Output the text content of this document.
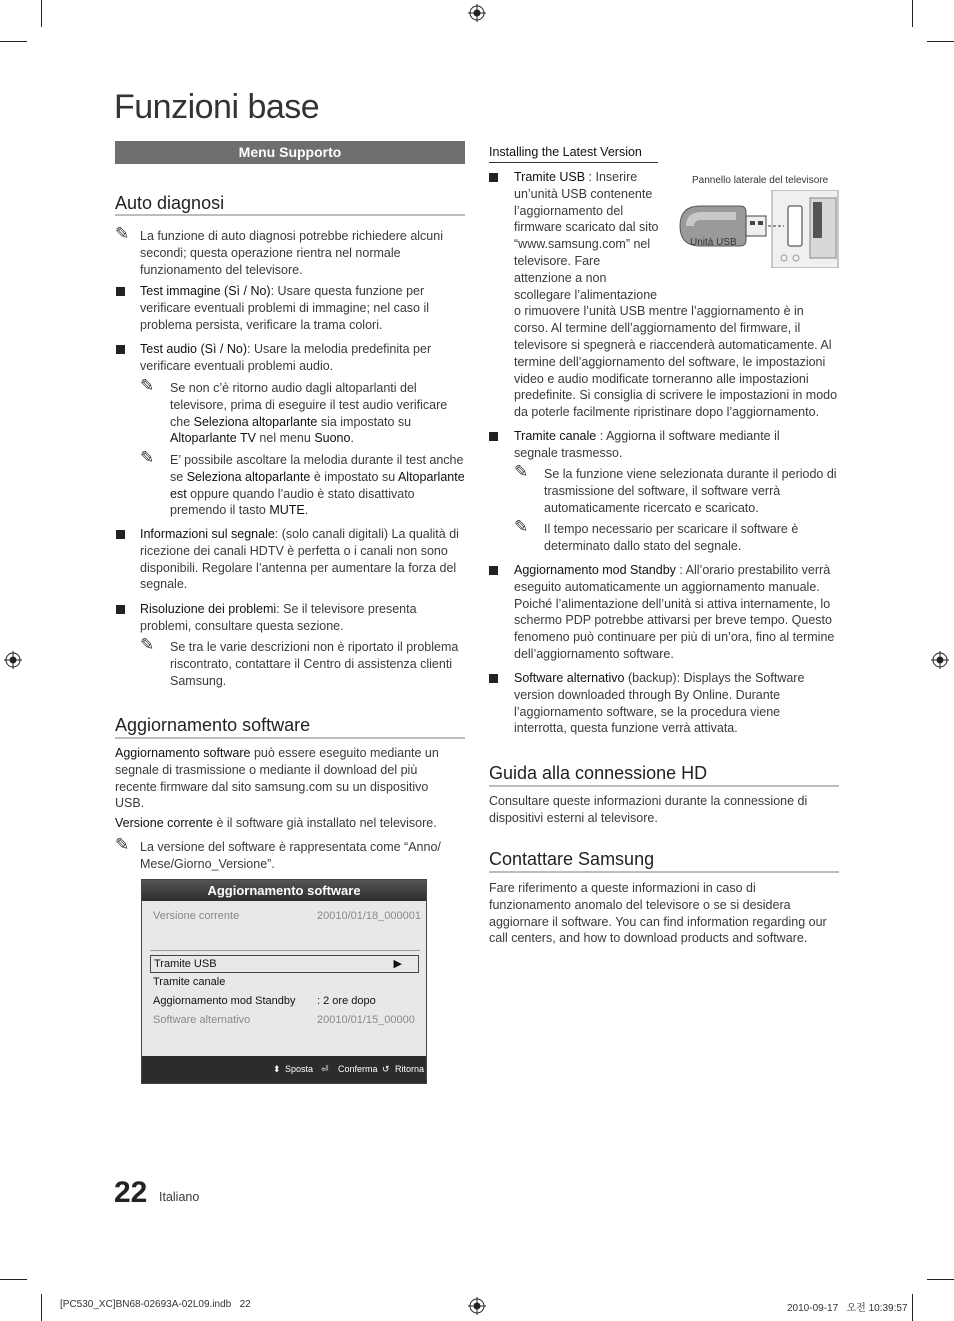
Funzioni base
Menu Supporto
Auto diagnosi
✎ La funzione di auto diagnosi potrebbe richiedere alcuni secondi; questa operazione rientra nel normale funzionamento del televisore.
Test immagine (Sì / No): Usare questa funzione per verificare eventuali problemi di immagine; nel caso il problema persista, verificare la trama colori.
Test audio (Sì / No): Usare la melodia predefinita per verificare eventuali problemi audio.
✎ Se non c’è ritorno audio dagli altoparlanti del televisore, prima di eseguire il test audio verificare che Seleziona altoparlante sia impostato su Altoparlante TV nel menu Suono.
✎ E’ possibile ascoltare la melodia durante il test anche se Seleziona altoparlante è impostato su Altoparlante est oppure quando l’audio è stato disattivato premendo il tasto MUTE.
Informazioni sul segnale: (solo canali digitali) La qualità di ricezione dei canali HDTV è perfetta o i canali non sono disponibili. Regolare l’antenna per aumentare la forza del segnale.
Risoluzione dei problemi: Se il televisore presenta problemi, consultare questa sezione.
✎ Se tra le varie descrizioni non è riportato il problema riscontrato, contattare il Centro di assistenza clienti Samsung.
Aggiornamento software
Aggiornamento software può essere eseguito mediante un segnale di trasmissione o mediante il download del più recente firmware dal sito samsung.com su un dispositivo USB.
Versione corrente è il software già installato nel televisore.
✎ La versione del software è rappresentata come “Anno/ Mese/Giorno_Versione”.
Aggiornamento software
Versione corrente	20010/01/18_000001
Tramite USB	▶
Tramite canale
Aggiornamento mod Standby : 2 ore dopo
Software alternativo	20010/01/15_00000
⬍ Sposta ⏎ Conferma ↺ Ritorna
Installing the Latest Version
Tramite USB : Inserire un’unità USB contenente l’aggiornamento del firmware scaricato dal sito “www.samsung.com” nel televisore. Fare attenzione a non scollegare l’alimentazione o rimuovere l’unità USB mentre l’aggiornamento è in corso. Al termine dell’aggiornamento del firmware, il televisore si spegnerà e riaccenderà automaticamente. Al termine dell’aggiornamento del software, le impostazioni video e audio modificate torneranno alle impostazioni predefinite. Si consiglia di scrivere le impostazioni in modo da poterle facilmente ripristinare dopo l’aggiornamento.
Pannello laterale del televisore
Unità USB
Tramite canale : Aggiorna il software mediante il segnale trasmesso.
✎ Se la funzione viene selezionata durante il periodo di trasmissione del software, il software verrà automaticamente ricercato e scaricato.
✎ Il tempo necessario per scaricare il software è determinato dallo stato del segnale.
Aggiornamento mod Standby : All’orario prestabilito verrà eseguito automaticamente un aggiornamento manuale. Poiché l’alimentazione dell’unità si attiva internamente, lo schermo PDP potrebbe attivarsi per breve tempo. Questo fenomeno può continuare per più di un’ora, fino al termine dell’aggiornamento software.
Software alternativo (backup): Displays the Software version downloaded through By Online. Durante l’aggiornamento software, se la procedura viene interrotta, questa funzione verrà attivata.
Guida alla connessione HD
Consultare queste informazioni durante la connessione di dispositivi esterni al televisore.
Contattare Samsung
Fare riferimento a queste informazioni in caso di funzionamento anomalo del televisore o se si desidera aggiornare il software. You can find information regarding our call centers, and how to download products and software.
22 Italiano
[PC530_XC]BN68-02693A-02L09.indb   22	2010-09-17   오전 10:39:57
